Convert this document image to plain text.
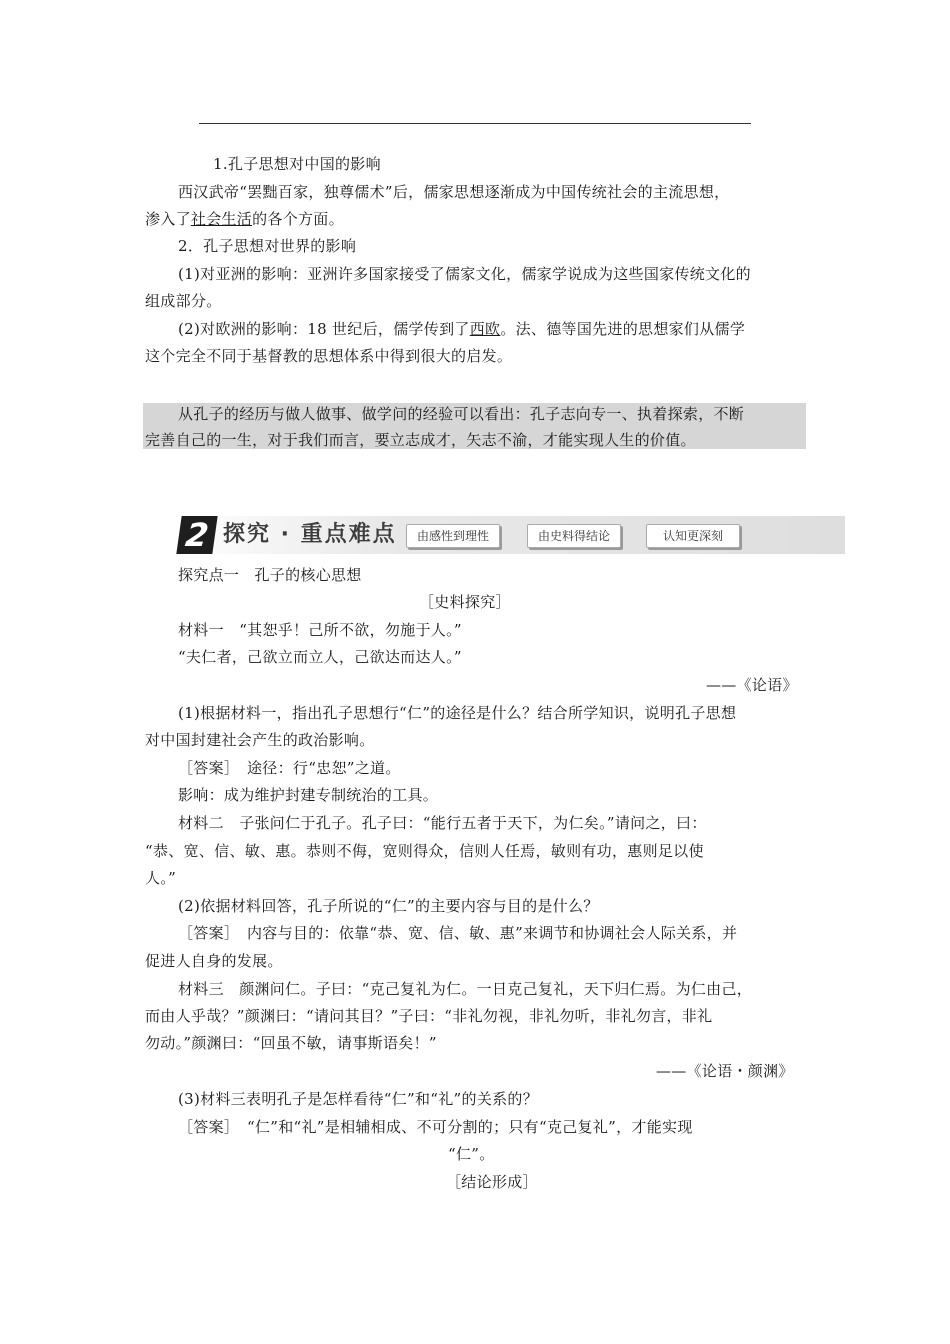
1.孔子思想对中国的影响
西汉武帝“罢黜百家，独尊儒术”后，儒家思想逐渐成为中国传统社会的主流思想，
渗入了社会生活的各个方面。
2．孔子思想对世界的影响
(1)对亚洲的影响：亚洲许多国家接受了儒家文化，儒家学说成为这些国家传统文化的
组成部分。
(2)对欧洲的影响：18 世纪后，儒学传到了西欧。法、德等国先进的思想家们从儒学
这个完全不同于基督教的思想体系中得到很大的启发。
从孔子的经历与做人做事、做学问的经验可以看出：孔子志向专一、执着探索，不断
完善自己的一生，对于我们而言，要立志成才，矢志不渝，才能实现人生的价值。
2 探究 · 重点难点	由感性到理性	由史料得结论	认知更深刻
探究点一　孔子的核心思想
［史料探究］
材料一　“其恕乎！己所不欲，勿施于人。”
“夫仁者，己欲立而立人，己欲达而达人。”
——《论语》
(1)根据材料一，指出孔子思想行“仁”的途径是什么？结合所学知识，说明孔子思想
对中国封建社会产生的政治影响。
［答案］　途径：行“忠恕”之道。
影响：成为维护封建专制统治的工具。
材料二　子张问仁于孔子。孔子曰：“能行五者于天下，为仁矣。”请问之，曰：
“恭、宽、信、敏、惠。恭则不侮，宽则得众，信则人任焉，敏则有功，惠则足以使
人。”
(2)依据材料回答，孔子所说的“仁”的主要内容与目的是什么？
［答案］　内容与目的：依靠“恭、宽、信、敏、惠”来调节和协调社会人际关系，并
促进人自身的发展。
材料三　颜渊问仁。子曰：“克己复礼为仁。一日克己复礼，天下归仁焉。为仁由己，
而由人乎哉？”颜渊曰：“请问其目？”子曰：“非礼勿视，非礼勿听，非礼勿言，非礼
勿动。”颜渊曰：“回虽不敏，请事斯语矣！”
——《论语・颜渊》
(3)材料三表明孔子是怎样看待“仁”和“礼”的关系的？
［答案］　“仁”和“礼”是相辅相成、不可分割的；只有“克己复礼”，才能实现
“仁”。
［结论形成］
